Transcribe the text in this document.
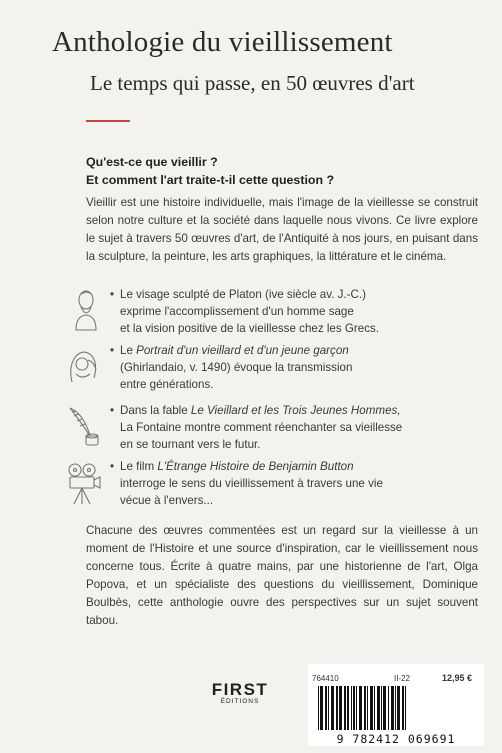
Anthologie du vieillissement
Le temps qui passe, en 50 œuvres d'art
Qu'est-ce que vieillir ?
Et comment l'art traite-t-il cette question ?
Vieillir est une histoire individuelle, mais l'image de la vieillesse se construit selon notre culture et la société dans laquelle nous vivons. Ce livre explore le sujet à travers 50 œuvres d'art, de l'Antiquité à nos jours, en puisant dans la sculpture, la peinture, les arts graphiques, la littérature et le cinéma.
• Le visage sculpté de Platon (ive siècle av. J.-C.)
exprime l'accomplissement d'un homme sage
et la vision positive de la vieillesse chez les Grecs.
• Le Portrait d'un vieillard et d'un jeune garçon
(Ghirlandaio, v. 1490) évoque la transmission
entre générations.
• Dans la fable Le Vieillard et les Trois Jeunes Hommes,
La Fontaine montre comment réenchanter sa vieillesse
en se tournant vers le futur.
• Le film L'Étrange Histoire de Benjamin Button
interroge le sens du vieillissement à travers une vie
vécue à l'envers...
Chacune des œuvres commentées est un regard sur la vieillesse à un moment de l'Histoire et une source d'inspiration, car le vieillissement nous concerne tous. Écrite à quatre mains, par une historienne de l'art, Olga Popova, et un spécialiste des questions du vieillissement, Dominique Boulbès, cette anthologie ouvre des perspectives sur un sujet souvent tabou.
FIRST
ÉDITIONS
764410	II-22	12,95 €
9 782412 069691
